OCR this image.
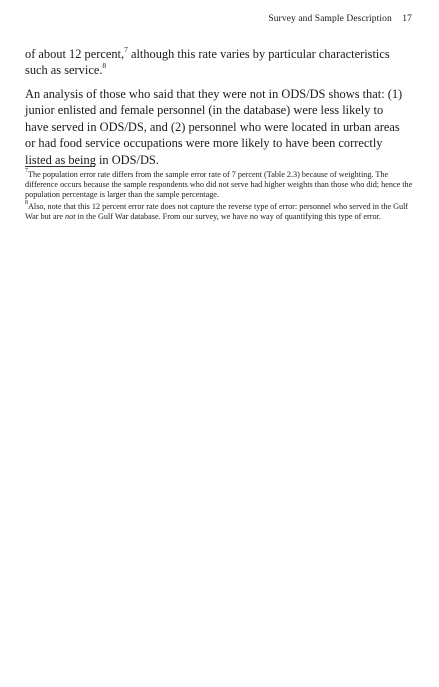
Survey and Sample Description 17

of about 12 percent,$^7$ although this rate varies by particular characteristics such as service.$^8$

An analysis of those who said that they were not in ODS/DS shows that: (1) junior enlisted and female personnel (in the database) were less likely to have served in ODS/DS, and (2) personnel who were located in urban areas or had food service occupations were more likely to have been correctly listed as being in ODS/DS.

$^7$The population error rate differs from the sample error rate of 7 percent (Table 2.3) because of weighting. The difference occurs because the sample respondents who did not serve had higher weights than those who did; hence the population percentage is larger than the sample percentage.

$^8$Also, note that this 12 percent error rate does not capture the reverse type of error: personnel who served in the Gulf War but are not in the Gulf War database. From our survey, we have no way of quantifying this type of error.
